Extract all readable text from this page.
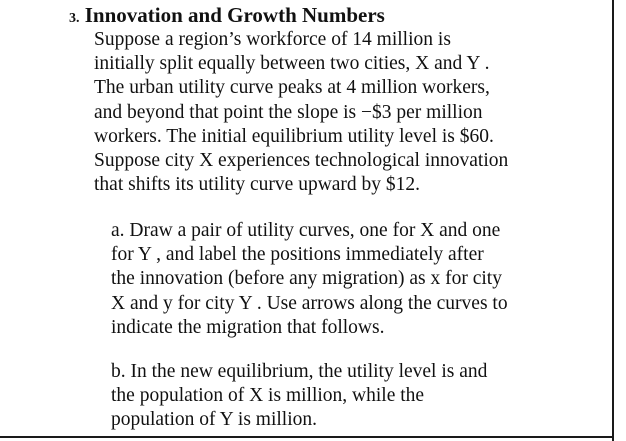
3. Innovation and Growth Numbers
Suppose a region’s workforce of 14 million is
initially split equally between two cities, X and Y .
The urban utility curve peaks at 4 million workers,
and beyond that point the slope is −$3 per million
workers. The initial equilibrium utility level is $60.
Suppose city X experiences technological innovation
that shifts its utility curve upward by $12.
a. Draw a pair of utility curves, one for X and one
for Y , and label the positions immediately after
the innovation (before any migration) as x for city
X and y for city Y . Use arrows along the curves to
indicate the migration that follows.
b. In the new equilibrium, the utility level is and
the population of X is million, while the
population of Y is million.
